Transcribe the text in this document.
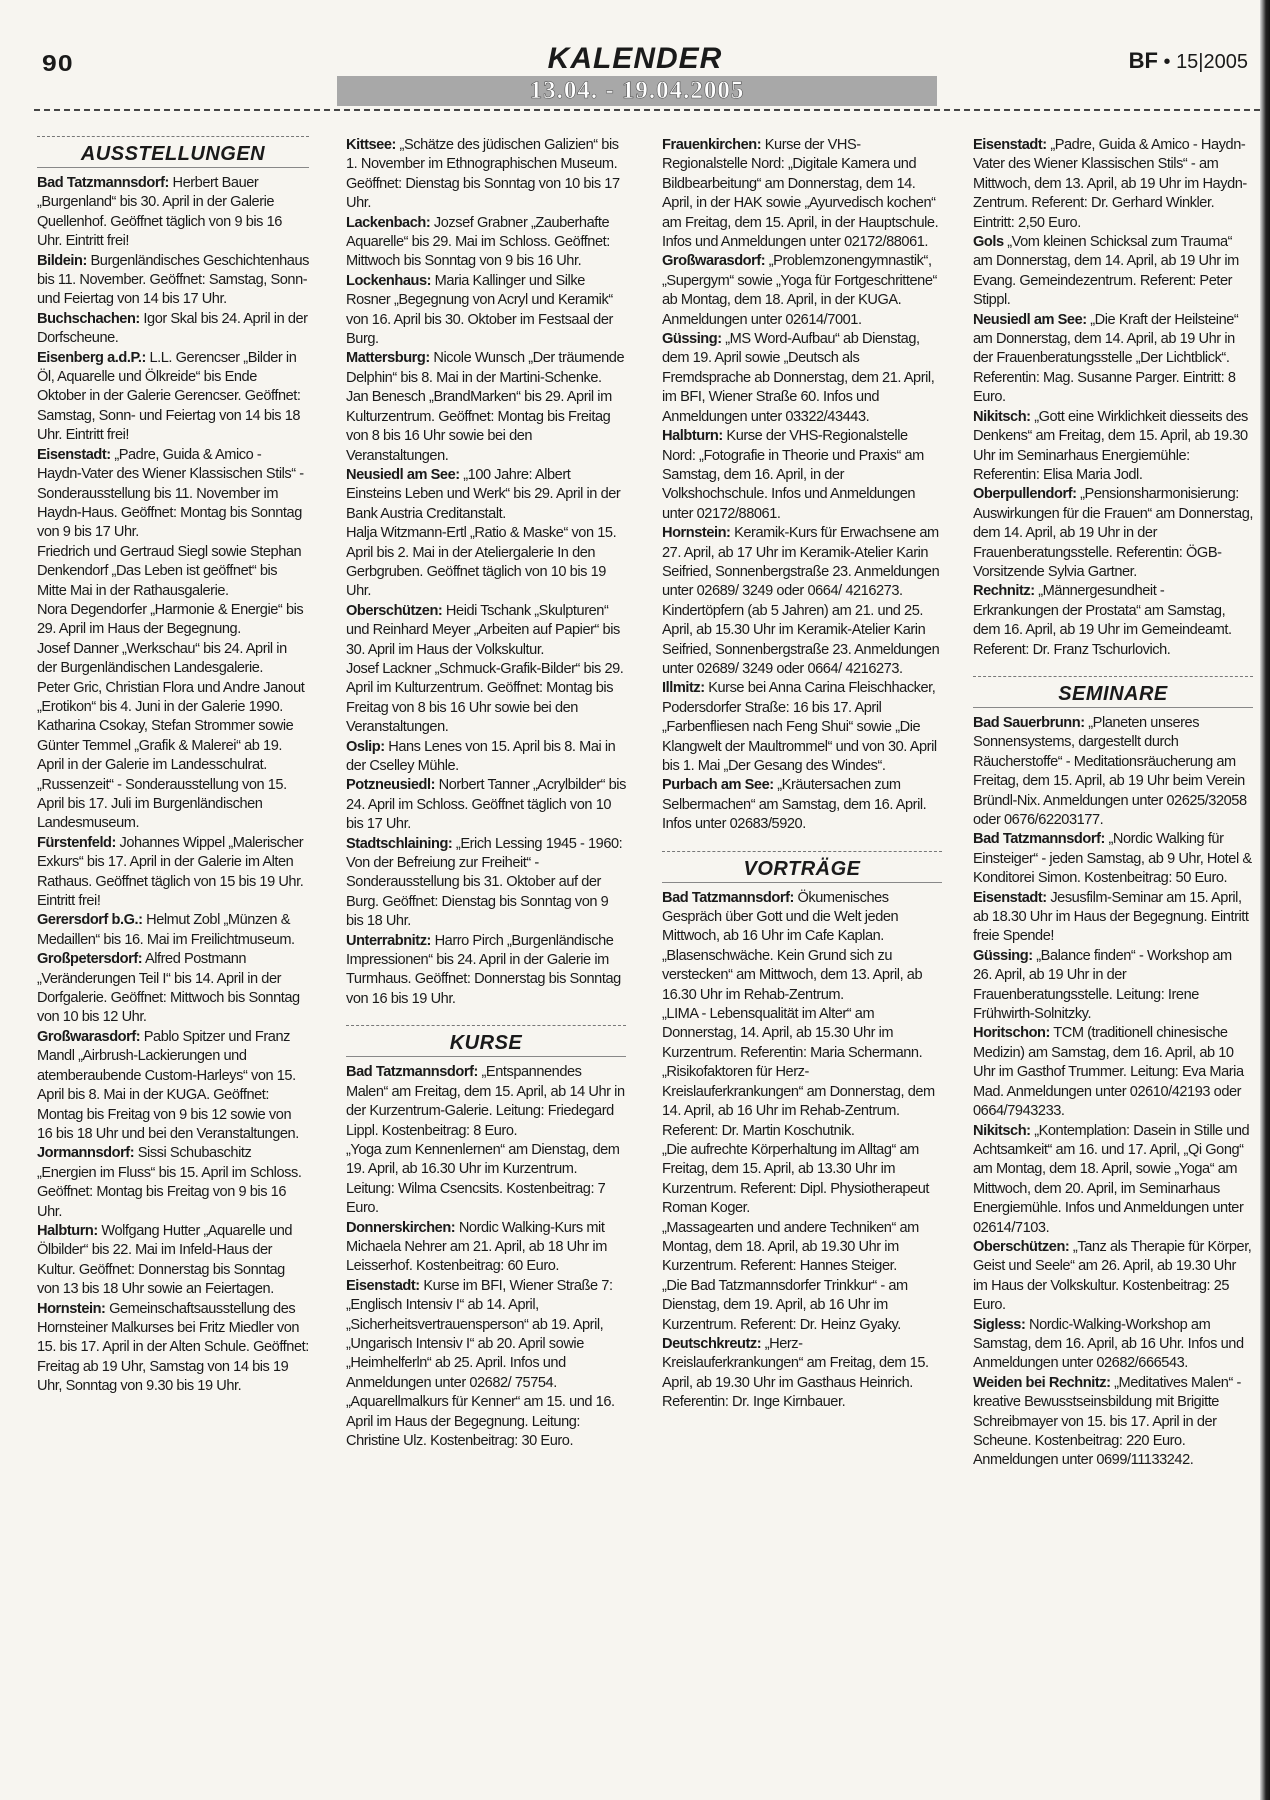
90	KALENDER
13.04. - 19.04.2005
BF • 15|2005
AUSSTELLUNGEN

Bad Tatzmannsdorf: Herbert Bauer „Burgenland“ bis 30. April in der Galerie Quellenhof. Geöffnet täglich von 9 bis 16 Uhr. Eintritt frei!

Bildein: Burgenländisches Geschichtenhaus bis 11. November. Geöffnet: Samstag, Sonn- und Feiertag von 14 bis 17 Uhr.

Buchschachen: Igor Skal bis 24. April in der Dorfscheune.

Eisenberg a.d.P.: L.L. Gerencser „Bilder in Öl, Aquarelle und Ölkreide“ bis Ende Oktober in der Galerie Gerencser. Geöffnet: Samstag, Sonn- und Feiertag von 14 bis 18 Uhr. Eintritt frei!

Eisenstadt: „Padre, Guida & Amico - Haydn-Vater des Wiener Klassischen Stils“ - Sonderausstellung bis 11. November im Haydn-Haus. Geöffnet: Montag bis Sonntag von 9 bis 17 Uhr.

Friedrich und Gertraud Siegl sowie Stephan Denkendorf „Das Leben ist geöffnet“ bis Mitte Mai in der Rathausgalerie.

Nora Degendorfer „Harmonie & Energie“ bis 29. April im Haus der Begegnung.

Josef Danner „Werkschau“ bis 24. April in der Burgenländischen Landesgalerie.

Peter Gric, Christian Flora und Andre Janout „Erotikon“ bis 4. Juni in der Galerie 1990.

Katharina Csokay, Stefan Strommer sowie Günter Temmel „Grafik & Malerei“ ab 19. April in der Galerie im Landesschulrat.

„Russenzeit“ - Sonderausstellung von 15. April bis 17. Juli im Burgenländischen Landesmuseum.

Fürstenfeld: Johannes Wippel „Malerischer Exkurs“ bis 17. April in der Galerie im Alten Rathaus. Geöffnet täglich von 15 bis 19 Uhr. Eintritt frei!

Gerersdorf b.G.: Helmut Zobl „Münzen & Medaillen“ bis 16. Mai im Freilichtmuseum.

Großpetersdorf: Alfred Postmann „Veränderungen Teil I“ bis 14. April in der Dorfgalerie. Geöffnet: Mittwoch bis Sonntag von 10 bis 12 Uhr.

Großwarasdorf: Pablo Spitzer und Franz Mandl „Airbrush-Lackierungen und atemberaubende Custom-Harleys“ von 15. April bis 8. Mai in der KUGA. Geöffnet: Montag bis Freitag von 9 bis 12 sowie von 16 bis 18 Uhr und bei den Veranstaltungen.

Jormannsdorf: Sissi Schubaschitz „Energien im Fluss“ bis 15. April im Schloss. Geöffnet: Montag bis Freitag von 9 bis 16 Uhr.

Halbturn: Wolfgang Hutter „Aquarelle und Ölbilder“ bis 22. Mai im Infeld-Haus der Kultur. Geöffnet: Donnerstag bis Sonntag von 13 bis 18 Uhr sowie an Feiertagen.

Hornstein: Gemeinschaftsausstellung des Hornsteiner Malkurses bei Fritz Miedler von 15. bis 17. April in der Alten Schule. Geöffnet: Freitag ab 19 Uhr, Samstag von 14 bis 19 Uhr, Sonntag von 9.30 bis 19 Uhr.

Kittsee: „Schätze des jüdischen Galizien“ bis 1. November im Ethnographischen Museum. Geöffnet: Dienstag bis Sonntag von 10 bis 17 Uhr.

Lackenbach: Jozsef Grabner „Zauberhafte Aquarelle“ bis 29. Mai im Schloss. Geöffnet: Mittwoch bis Sonntag von 9 bis 16 Uhr.

Lockenhaus: Maria Kallinger und Silke Rosner „Begegnung von Acryl und Keramik“ von 16. April bis 30. Oktober im Festsaal der Burg.

Mattersburg: Nicole Wunsch „Der träumende Delphin“ bis 8. Mai in der Martini-Schenke.

Jan Benesch „BrandMarken“ bis 29. April im Kulturzentrum. Geöffnet: Montag bis Freitag von 8 bis 16 Uhr sowie bei den Veranstaltungen.

Neusiedl am See: „100 Jahre: Albert Einsteins Leben und Werk“ bis 29. April in der Bank Austria Creditanstalt.

Halja Witzmann-Ertl „Ratio & Maske“ von 15. April bis 2. Mai in der Ateliergalerie In den Gerbgruben. Geöffnet täglich von 10 bis 19 Uhr.

Oberschützen: Heidi Tschank „Skulpturen“ und Reinhard Meyer „Arbeiten auf Papier“ bis 30. April im Haus der Volkskultur.

Josef Lackner „Schmuck-Grafik-Bilder“ bis 29. April im Kulturzentrum. Geöffnet: Montag bis Freitag von 8 bis 16 Uhr sowie bei den Veranstaltungen.

Oslip: Hans Lenes von 15. April bis 8. Mai in der Cselley Mühle.

Potzneusiedl: Norbert Tanner „Acrylbilder“ bis 24. April im Schloss. Geöffnet täglich von 10 bis 17 Uhr.

Stadtschlaining: „Erich Lessing 1945 - 1960: Von der Befreiung zur Freiheit“ - Sonderausstellung bis 31. Oktober auf der Burg. Geöffnet: Dienstag bis Sonntag von 9 bis 18 Uhr.

Unterrabnitz: Harro Pirch „Burgenländische Impressionen“ bis 24. April in der Galerie im Turmhaus. Geöffnet: Donnerstag bis Sonntag von 16 bis 19 Uhr.

KURSE

Bad Tatzmannsdorf: „Entspannendes Malen“ am Freitag, dem 15. April, ab 14 Uhr in der Kurzentrum-Galerie. Leitung: Friedegard Lippl. Kostenbeitrag: 8 Euro.

„Yoga zum Kennenlernen“ am Dienstag, dem 19. April, ab 16.30 Uhr im Kurzentrum. Leitung: Wilma Csencsits. Kostenbeitrag: 7 Euro.

Donnerskirchen: Nordic Walking-Kurs mit Michaela Nehrer am 21. April, ab 18 Uhr im Leisserhof. Kostenbeitrag: 60 Euro.

Eisenstadt: Kurse im BFI, Wiener Straße 7: „Englisch Intensiv I“ ab 14. April, „Sicherheitsvertrauensperson“ ab 19. April, „Ungarisch Intensiv I“ ab 20. April sowie „Heimhelferln“ ab 25. April. Infos und Anmeldungen unter 02682/ 75754.

„Aquarellmalkurs für Kenner“ am 15. und 16. April im Haus der Begegnung. Leitung: Christine Ulz. Kostenbeitrag: 30 Euro.

Frauenkirchen: Kurse der VHS-Regionalstelle Nord: „Digitale Kamera und Bildbearbeitung“ am Donnerstag, dem 14. April, in der HAK sowie „Ayurvedisch kochen“ am Freitag, dem 15. April, in der Hauptschule. Infos und Anmeldungen unter 02172/88061.

Großwarasdorf: „Problemzonengymnastik“, „Supergym“ sowie „Yoga für Fortgeschrittene“ ab Montag, dem 18. April, in der KUGA. Anmeldungen unter 02614/7001.

Güssing: „MS Word-Aufbau“ ab Dienstag, dem 19. April sowie „Deutsch als Fremdsprache ab Donnerstag, dem 21. April, im BFI, Wiener Straße 60. Infos und Anmeldungen unter 03322/43443.

Halbturn: Kurse der VHS-Regionalstelle Nord: „Fotografie in Theorie und Praxis“ am Samstag, dem 16. April, in der Volkshochschule. Infos und Anmeldungen unter 02172/88061.

Hornstein: Keramik-Kurs für Erwachsene am 27. April, ab 17 Uhr im Keramik-Atelier Karin Seifried, Sonnenbergstraße 23. Anmeldungen unter 02689/ 3249 oder 0664/ 4216273.

Kindertöpfern (ab 5 Jahren) am 21. und 25. April, ab 15.30 Uhr im Keramik-Atelier Karin Seifried, Sonnenbergstraße 23. Anmeldungen unter 02689/ 3249 oder 0664/ 4216273.

Illmitz: Kurse bei Anna Carina Fleischhacker, Podersdorfer Straße: 16 bis 17. April „Farbenfliesen nach Feng Shui“ sowie „Die Klangwelt der Maultrommel“ und von 30. April bis 1. Mai „Der Gesang des Windes“.

Purbach am See: „Kräutersachen zum Selbermachen“ am Samstag, dem 16. April. Infos unter 02683/5920.

VORTRÄGE

Bad Tatzmannsdorf: Ökumenisches Gespräch über Gott und die Welt jeden Mittwoch, ab 16 Uhr im Cafe Kaplan.

„Blasenschwäche. Kein Grund sich zu verstecken“ am Mittwoch, dem 13. April, ab 16.30 Uhr im Rehab-Zentrum.

„LIMA - Lebensqualität im Alter“ am Donnerstag, 14. April, ab 15.30 Uhr im Kurzentrum. Referentin: Maria Schermann.

„Risikofaktoren für Herz-Kreislauferkrankungen“ am Donnerstag, dem 14. April, ab 16 Uhr im Rehab-Zentrum. Referent: Dr. Martin Koschutnik.

„Die aufrechte Körperhaltung im Alltag“ am Freitag, dem 15. April, ab 13.30 Uhr im Kurzentrum. Referent: Dipl. Physiotherapeut Roman Koger.

„Massagearten und andere Techniken“ am Montag, dem 18. April, ab 19.30 Uhr im Kurzentrum. Referent: Hannes Steiger.

„Die Bad Tatzmannsdorfer Trinkkur“ - am Dienstag, dem 19. April, ab 16 Uhr im Kurzentrum. Referent: Dr. Heinz Gyaky.

Deutschkreutz: „Herz-Kreislauferkrankungen“ am Freitag, dem 15. April, ab 19.30 Uhr im Gasthaus Heinrich. Referentin: Dr. Inge Kirnbauer.

Eisenstadt: „Padre, Guida & Amico - Haydn-Vater des Wiener Klassischen Stils“ - am Mittwoch, dem 13. April, ab 19 Uhr im Haydn-Zentrum. Referent: Dr. Gerhard Winkler. Eintritt: 2,50 Euro.

Gols „Vom kleinen Schicksal zum Trauma“ am Donnerstag, dem 14. April, ab 19 Uhr im Evang. Gemeindezentrum. Referent: Peter Stippl.

Neusiedl am See: „Die Kraft der Heilsteine“ am Donnerstag, dem 14. April, ab 19 Uhr in der Frauenberatungsstelle „Der Lichtblick“. Referentin: Mag. Susanne Parger. Eintritt: 8 Euro.

Nikitsch: „Gott eine Wirklichkeit diesseits des Denkens“ am Freitag, dem 15. April, ab 19.30 Uhr im Seminarhaus Energiemühle: Referentin: Elisa Maria Jodl.

Oberpullendorf: „Pensionsharmonisierung: Auswirkungen für die Frauen“ am Donnerstag, dem 14. April, ab 19 Uhr in der Frauenberatungsstelle. Referentin: ÖGB-Vorsitzende Sylvia Gartner.

Rechnitz: „Männergesundheit - Erkrankungen der Prostata“ am Samstag, dem 16. April, ab 19 Uhr im Gemeindeamt. Referent: Dr. Franz Tschurlovich.

SEMINARE

Bad Sauerbrunn: „Planeten unseres Sonnensystems, dargestellt durch Räucherstoffe“ - Meditationsräucherung am Freitag, dem 15. April, ab 19 Uhr beim Verein Bründl-Nix. Anmeldungen unter 02625/32058 oder 0676/62203177.

Bad Tatzmannsdorf: „Nordic Walking für Einsteiger“ - jeden Samstag, ab 9 Uhr, Hotel & Konditorei Simon. Kostenbeitrag: 50 Euro.

Eisenstadt: Jesusfilm-Seminar am 15. April, ab 18.30 Uhr im Haus der Begegnung. Eintritt freie Spende!

Güssing: „Balance finden“ - Workshop am 26. April, ab 19 Uhr in der Frauenberatungsstelle. Leitung: Irene Frühwirth-Solnitzky.

Horitschon: TCM (traditionell chinesische Medizin) am Samstag, dem 16. April, ab 10 Uhr im Gasthof Trummer. Leitung: Eva Maria Mad. Anmeldungen unter 02610/42193 oder 0664/7943233.

Nikitsch: „Kontemplation: Dasein in Stille und Achtsamkeit“ am 16. und 17. April, „Qi Gong“ am Montag, dem 18. April, sowie „Yoga“ am Mittwoch, dem 20. April, im Seminarhaus Energiemühle. Infos und Anmeldungen unter 02614/7103.

Oberschützen: „Tanz als Therapie für Körper, Geist und Seele“ am 26. April, ab 19.30 Uhr im Haus der Volkskultur. Kostenbeitrag: 25 Euro.

Sigless: Nordic-Walking-Workshop am Samstag, dem 16. April, ab 16 Uhr. Infos und Anmeldungen unter 02682/666543.

Weiden bei Rechnitz: „Meditatives Malen“ - kreative Bewusstseinsbildung mit Brigitte Schreibmayer von 15. bis 17. April in der Scheune. Kostenbeitrag: 220 Euro. Anmeldungen unter 0699/11133242.
